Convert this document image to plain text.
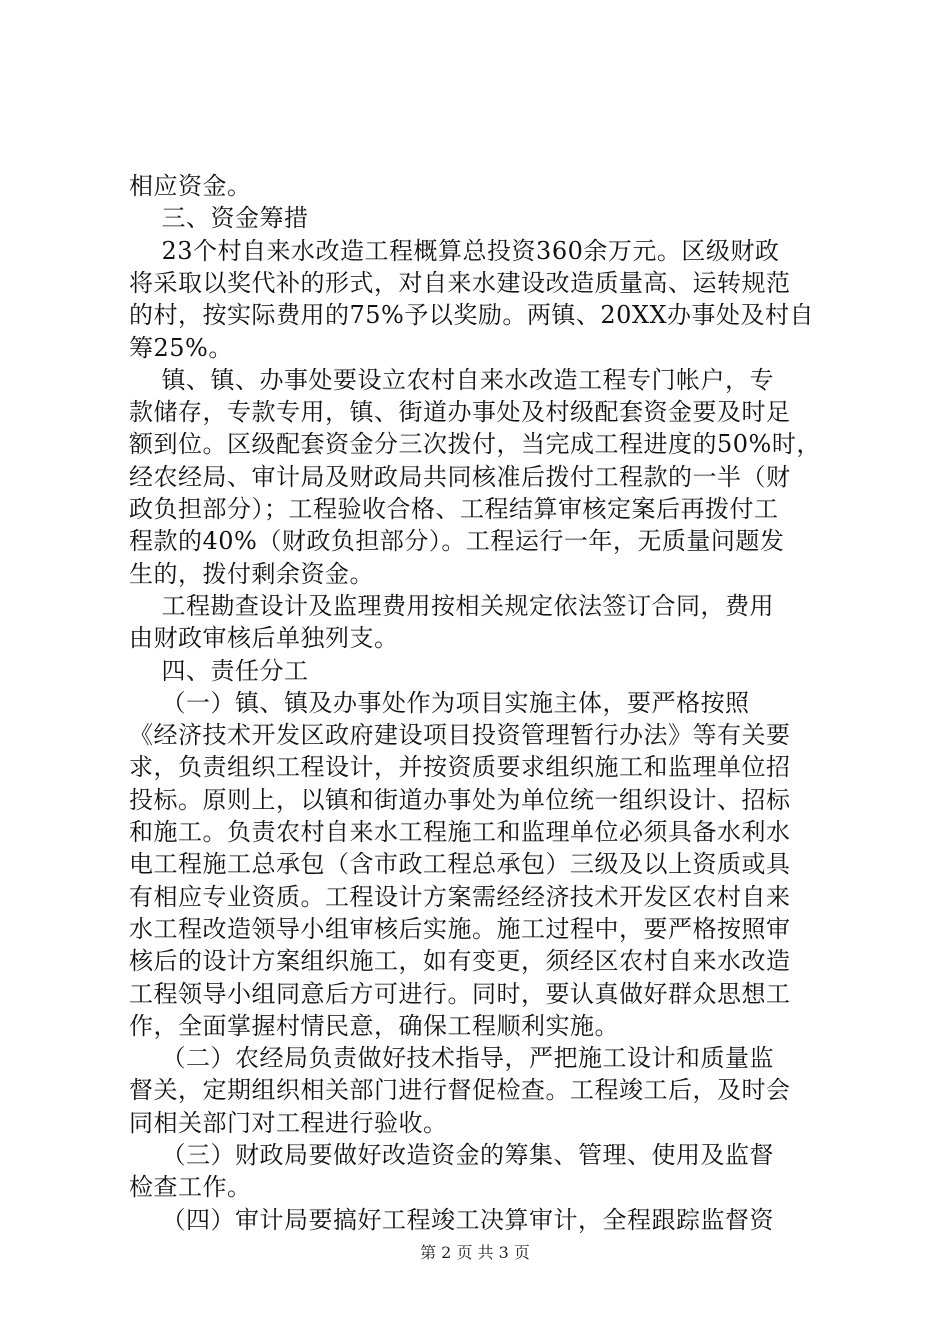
相应资金。
三、资金筹措
23个村自来水改造工程概算总投资360余万元。区级财政
将采取以奖代补的形式，对自来水建设改造质量高、运转规范
的村，按实际费用的75%予以奖励。两镇、20XX办事处及村自
筹25%。
镇、镇、办事处要设立农村自来水改造工程专门帐户，专
款储存，专款专用，镇、街道办事处及村级配套资金要及时足
额到位。区级配套资金分三次拨付，当完成工程进度的50%时，
经农经局、审计局及财政局共同核准后拨付工程款的一半（财
政负担部分）；工程验收合格、工程结算审核定案后再拨付工
程款的40%（财政负担部分）。工程运行一年，无质量问题发
生的，拨付剩余资金。
工程勘查设计及监理费用按相关规定依法签订合同，费用
由财政审核后单独列支。
四、责任分工
（一）镇、镇及办事处作为项目实施主体，要严格按照
《经济技术开发区政府建设项目投资管理暂行办法》等有关要
求，负责组织工程设计，并按资质要求组织施工和监理单位招
投标。原则上，以镇和街道办事处为单位统一组织设计、招标
和施工。负责农村自来水工程施工和监理单位必须具备水利水
电工程施工总承包（含市政工程总承包）三级及以上资质或具
有相应专业资质。工程设计方案需经经济技术开发区农村自来
水工程改造领导小组审核后实施。施工过程中，要严格按照审
核后的设计方案组织施工，如有变更，须经区农村自来水改造
工程领导小组同意后方可进行。同时，要认真做好群众思想工
作，全面掌握村情民意，确保工程顺利实施。
（二）农经局负责做好技术指导，严把施工设计和质量监
督关，定期组织相关部门进行督促检查。工程竣工后，及时会
同相关部门对工程进行验收。
（三）财政局要做好改造资金的筹集、管理、使用及监督
检查工作。
（四）审计局要搞好工程竣工决算审计，全程跟踪监督资
第 2 页 共 3 页
